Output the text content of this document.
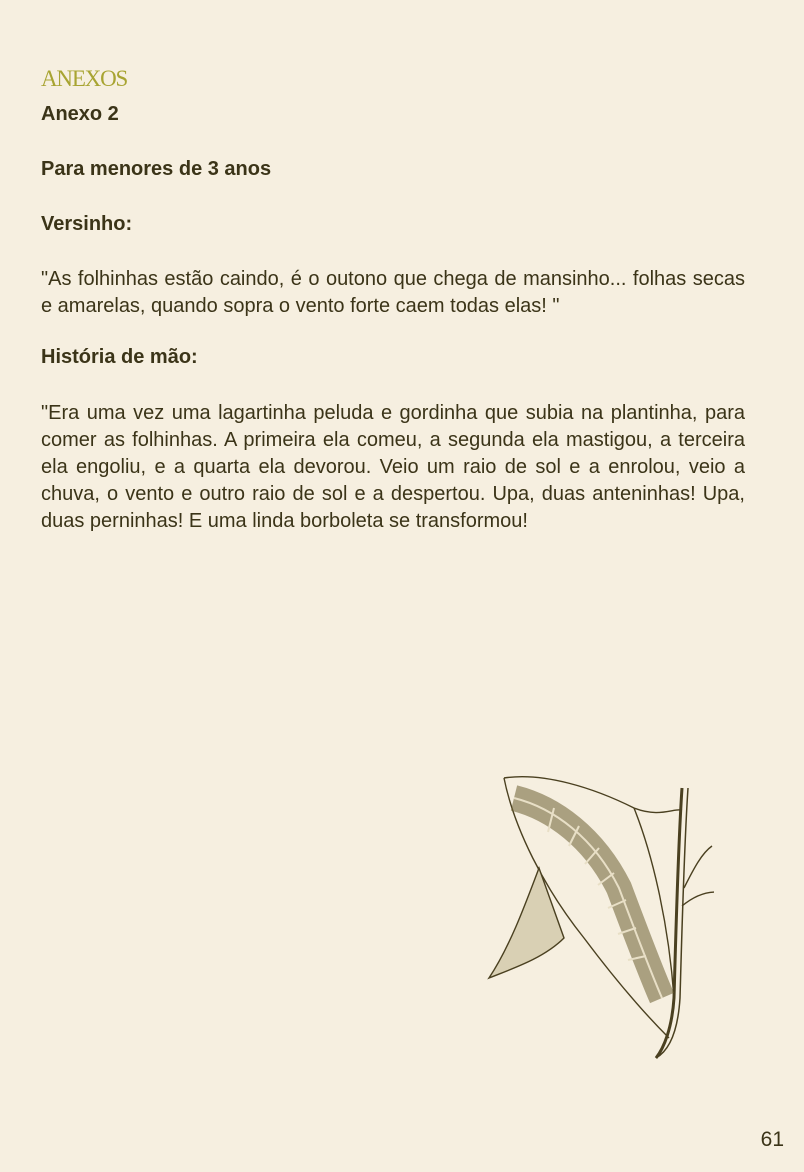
ANEXOS
Anexo 2
Para menores de 3 anos
Versinho:
"As folhinhas estão caindo, é o outono que chega de mansinho... folhas secas e amarelas, quando sopra o vento forte caem todas elas! "
História de mão:
"Era uma vez uma lagartinha peluda e gordinha que subia na plantinha, para comer as folhinhas. A primeira ela comeu, a segunda ela mastigou, a terceira ela engoliu, e a quarta ela devorou. Veio um raio de sol e a enrolou, veio a chuva, o vento e outro raio de sol e a despertou. Upa, duas anteninhas! Upa, duas perninhas! E uma linda borboleta se transformou!
61
